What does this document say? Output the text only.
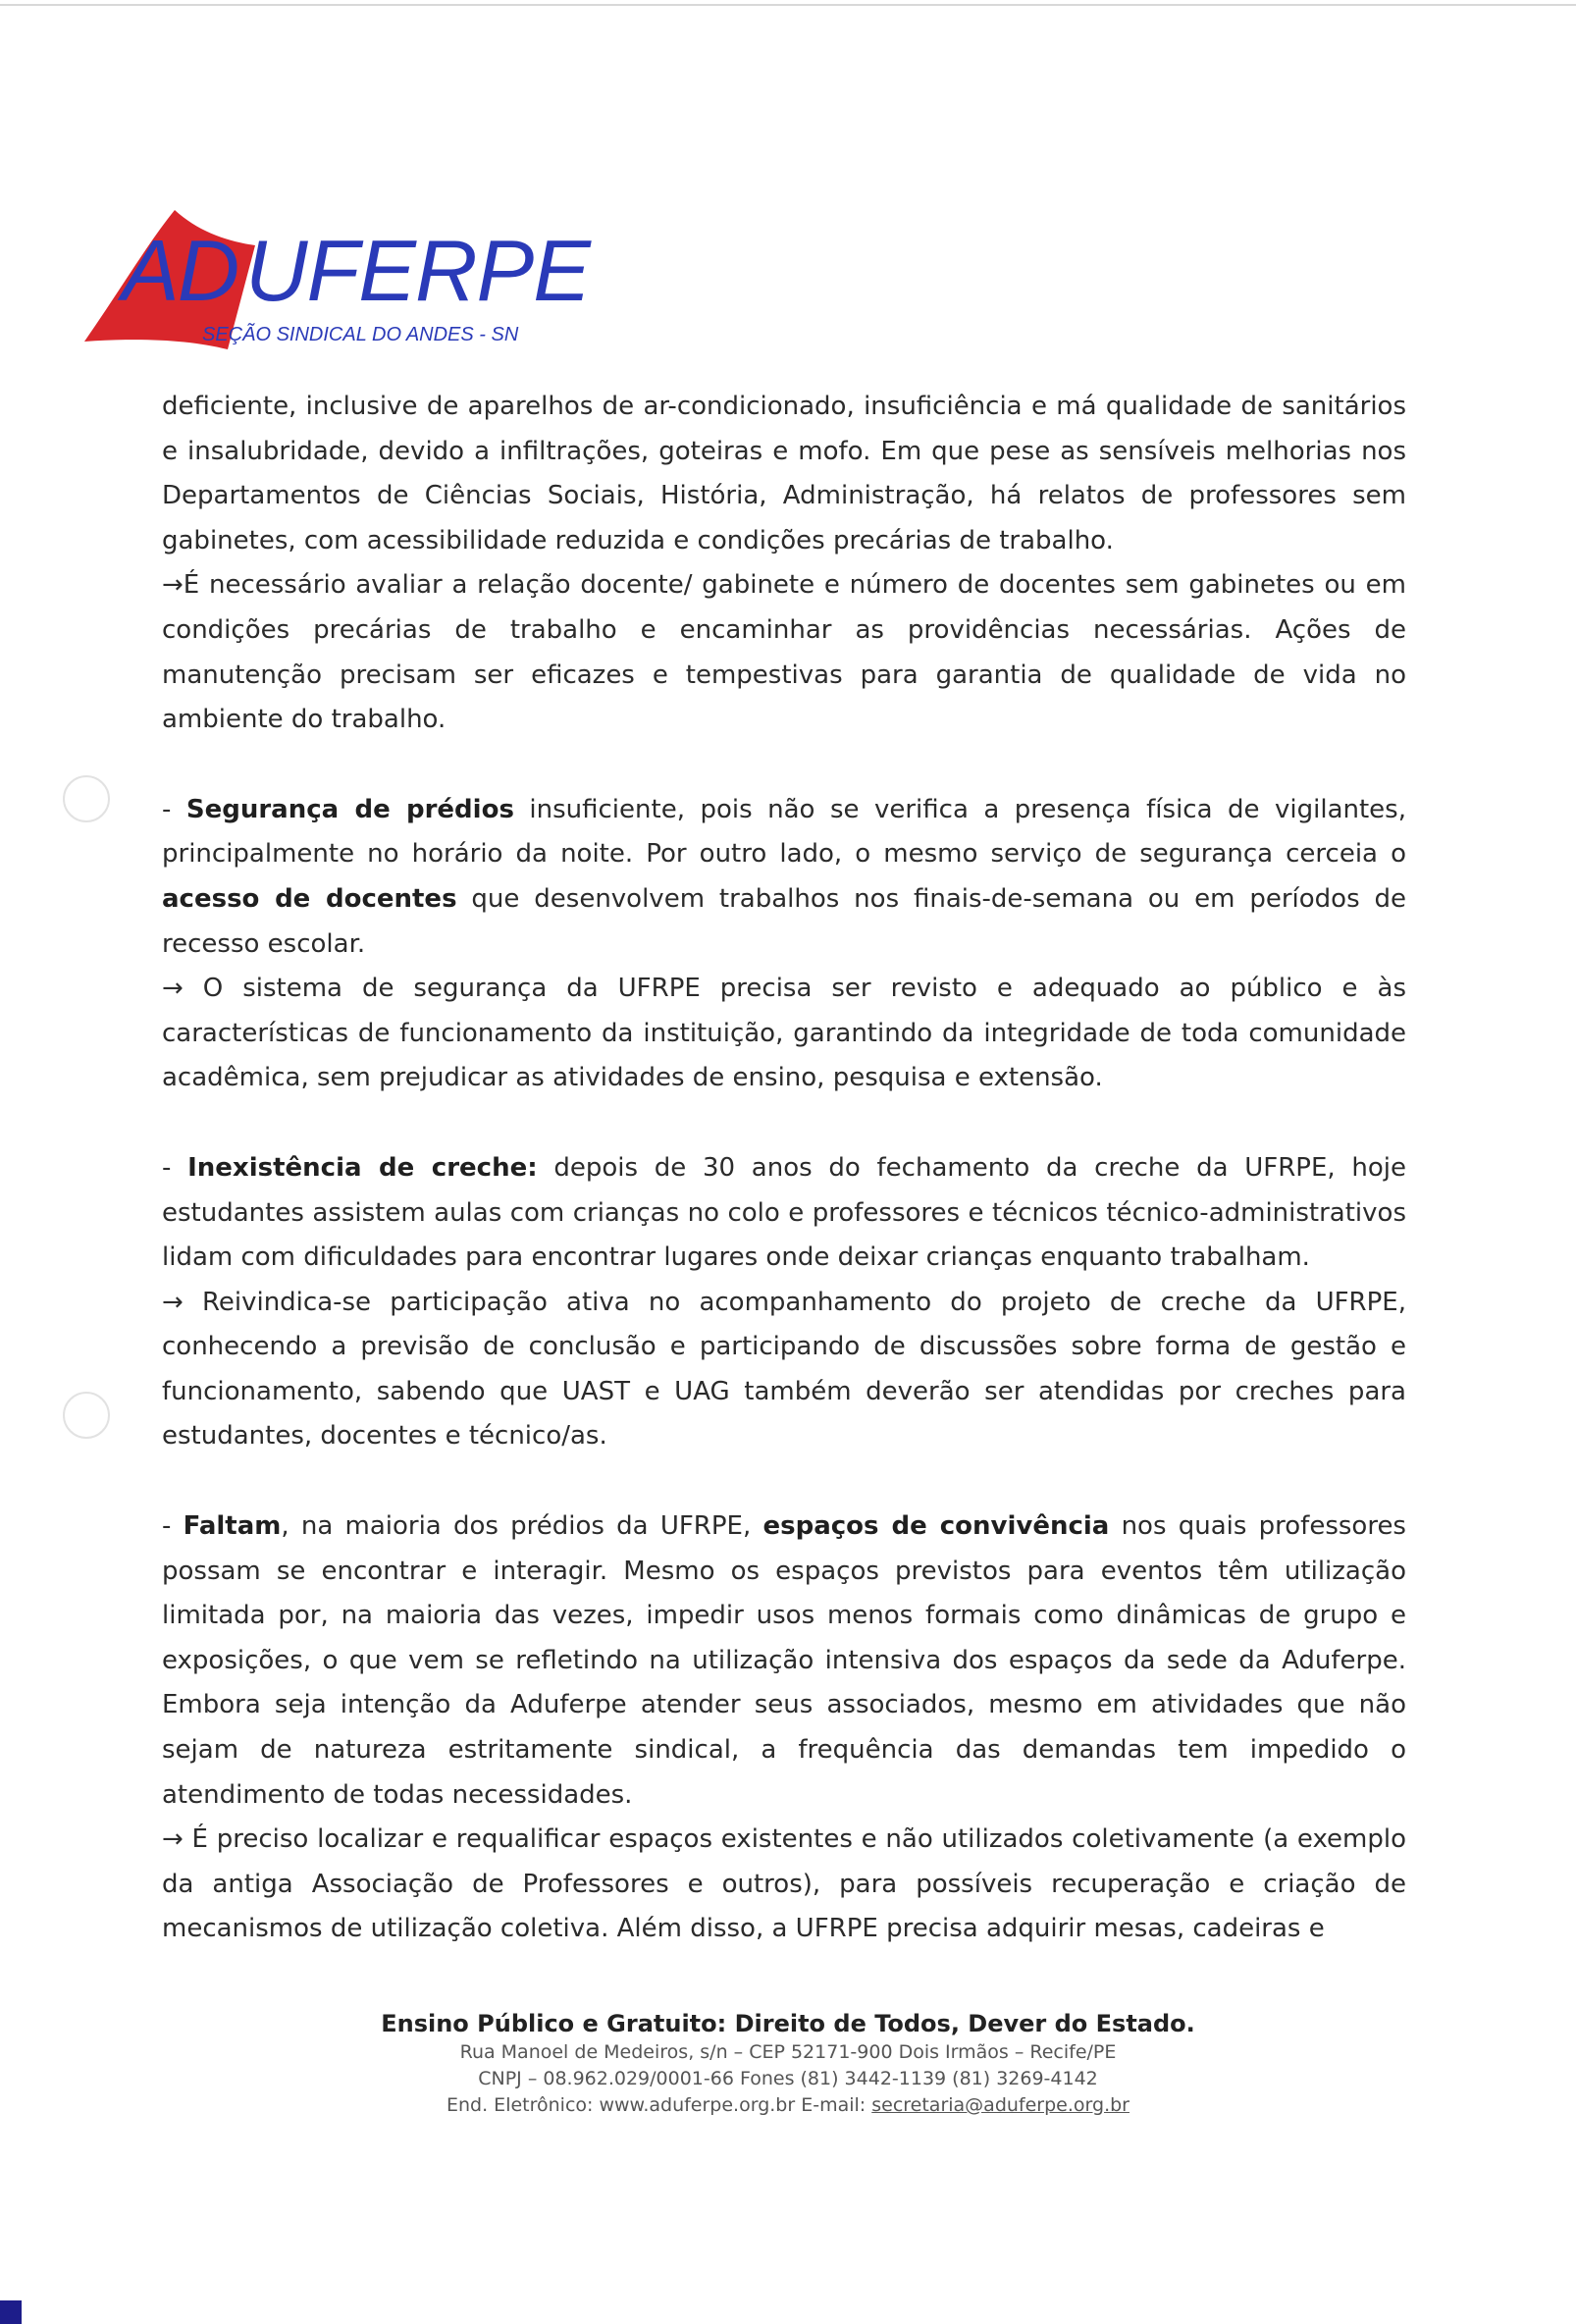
AD UFERPE
SEÇÃO SINDICAL DO ANDES - SN

deficiente, inclusive de aparelhos de ar-condicionado, insuficiência e má qualidade de sanitários e insalubridade, devido a infiltrações, goteiras e mofo. Em que pese as sensíveis melhorias nos Departamentos de Ciências Sociais, História, Administração, há relatos de professores sem gabinetes, com acessibilidade reduzida e condições precárias de trabalho.

→É necessário avaliar a relação docente/ gabinete e número de docentes sem gabinetes ou em condições precárias de trabalho e encaminhar as providências necessárias. Ações de manutenção precisam ser eficazes e tempestivas para garantia de qualidade de vida no ambiente do trabalho.

- Segurança de prédios insuficiente, pois não se verifica a presença física de vigilantes, principalmente no horário da noite. Por outro lado, o mesmo serviço de segurança cerceia o acesso de docentes que desenvolvem trabalhos nos finais-de-semana ou em períodos de recesso escolar.

→ O sistema de segurança da UFRPE precisa ser revisto e adequado ao público e às características de funcionamento da instituição, garantindo da integridade de toda comunidade acadêmica, sem prejudicar as atividades de ensino, pesquisa e extensão.

- Inexistência de creche: depois de 30 anos do fechamento da creche da UFRPE, hoje estudantes assistem aulas com crianças no colo e professores e técnicos técnico-administrativos lidam com dificuldades para encontrar lugares onde deixar crianças enquanto trabalham.

→ Reivindica-se participação ativa no acompanhamento do projeto de creche da UFRPE, conhecendo a previsão de conclusão e participando de discussões sobre forma de gestão e funcionamento, sabendo que UAST e UAG também deverão ser atendidas por creches para estudantes, docentes e técnico/as.

- Faltam, na maioria dos prédios da UFRPE, espaços de convivência nos quais professores possam se encontrar e interagir. Mesmo os espaços previstos para eventos têm utilização limitada por, na maioria das vezes, impedir usos menos formais como dinâmicas de grupo e exposições, o que vem se refletindo na utilização intensiva dos espaços da sede da Aduferpe. Embora seja intenção da Aduferpe atender seus associados, mesmo em atividades que não sejam de natureza estritamente sindical, a frequência das demandas tem impedido o atendimento de todas necessidades.

→ É preciso localizar e requalificar espaços existentes e não utilizados coletivamente (a exemplo da antiga Associação de Professores e outros), para possíveis recuperação e criação de mecanismos de utilização coletiva. Além disso, a UFRPE precisa adquirir mesas, cadeiras e

Ensino Público e Gratuito: Direito de Todos, Dever do Estado.

Rua Manoel de Medeiros, s/n – CEP 52171-900 Dois Irmãos – Recife/PE

CNPJ – 08.962.029/0001-66 Fones (81) 3442-1139 (81) 3269-4142

End. Eletrônico: www.aduferpe.org.br E-mail: secretaria@aduferpe.org.br
